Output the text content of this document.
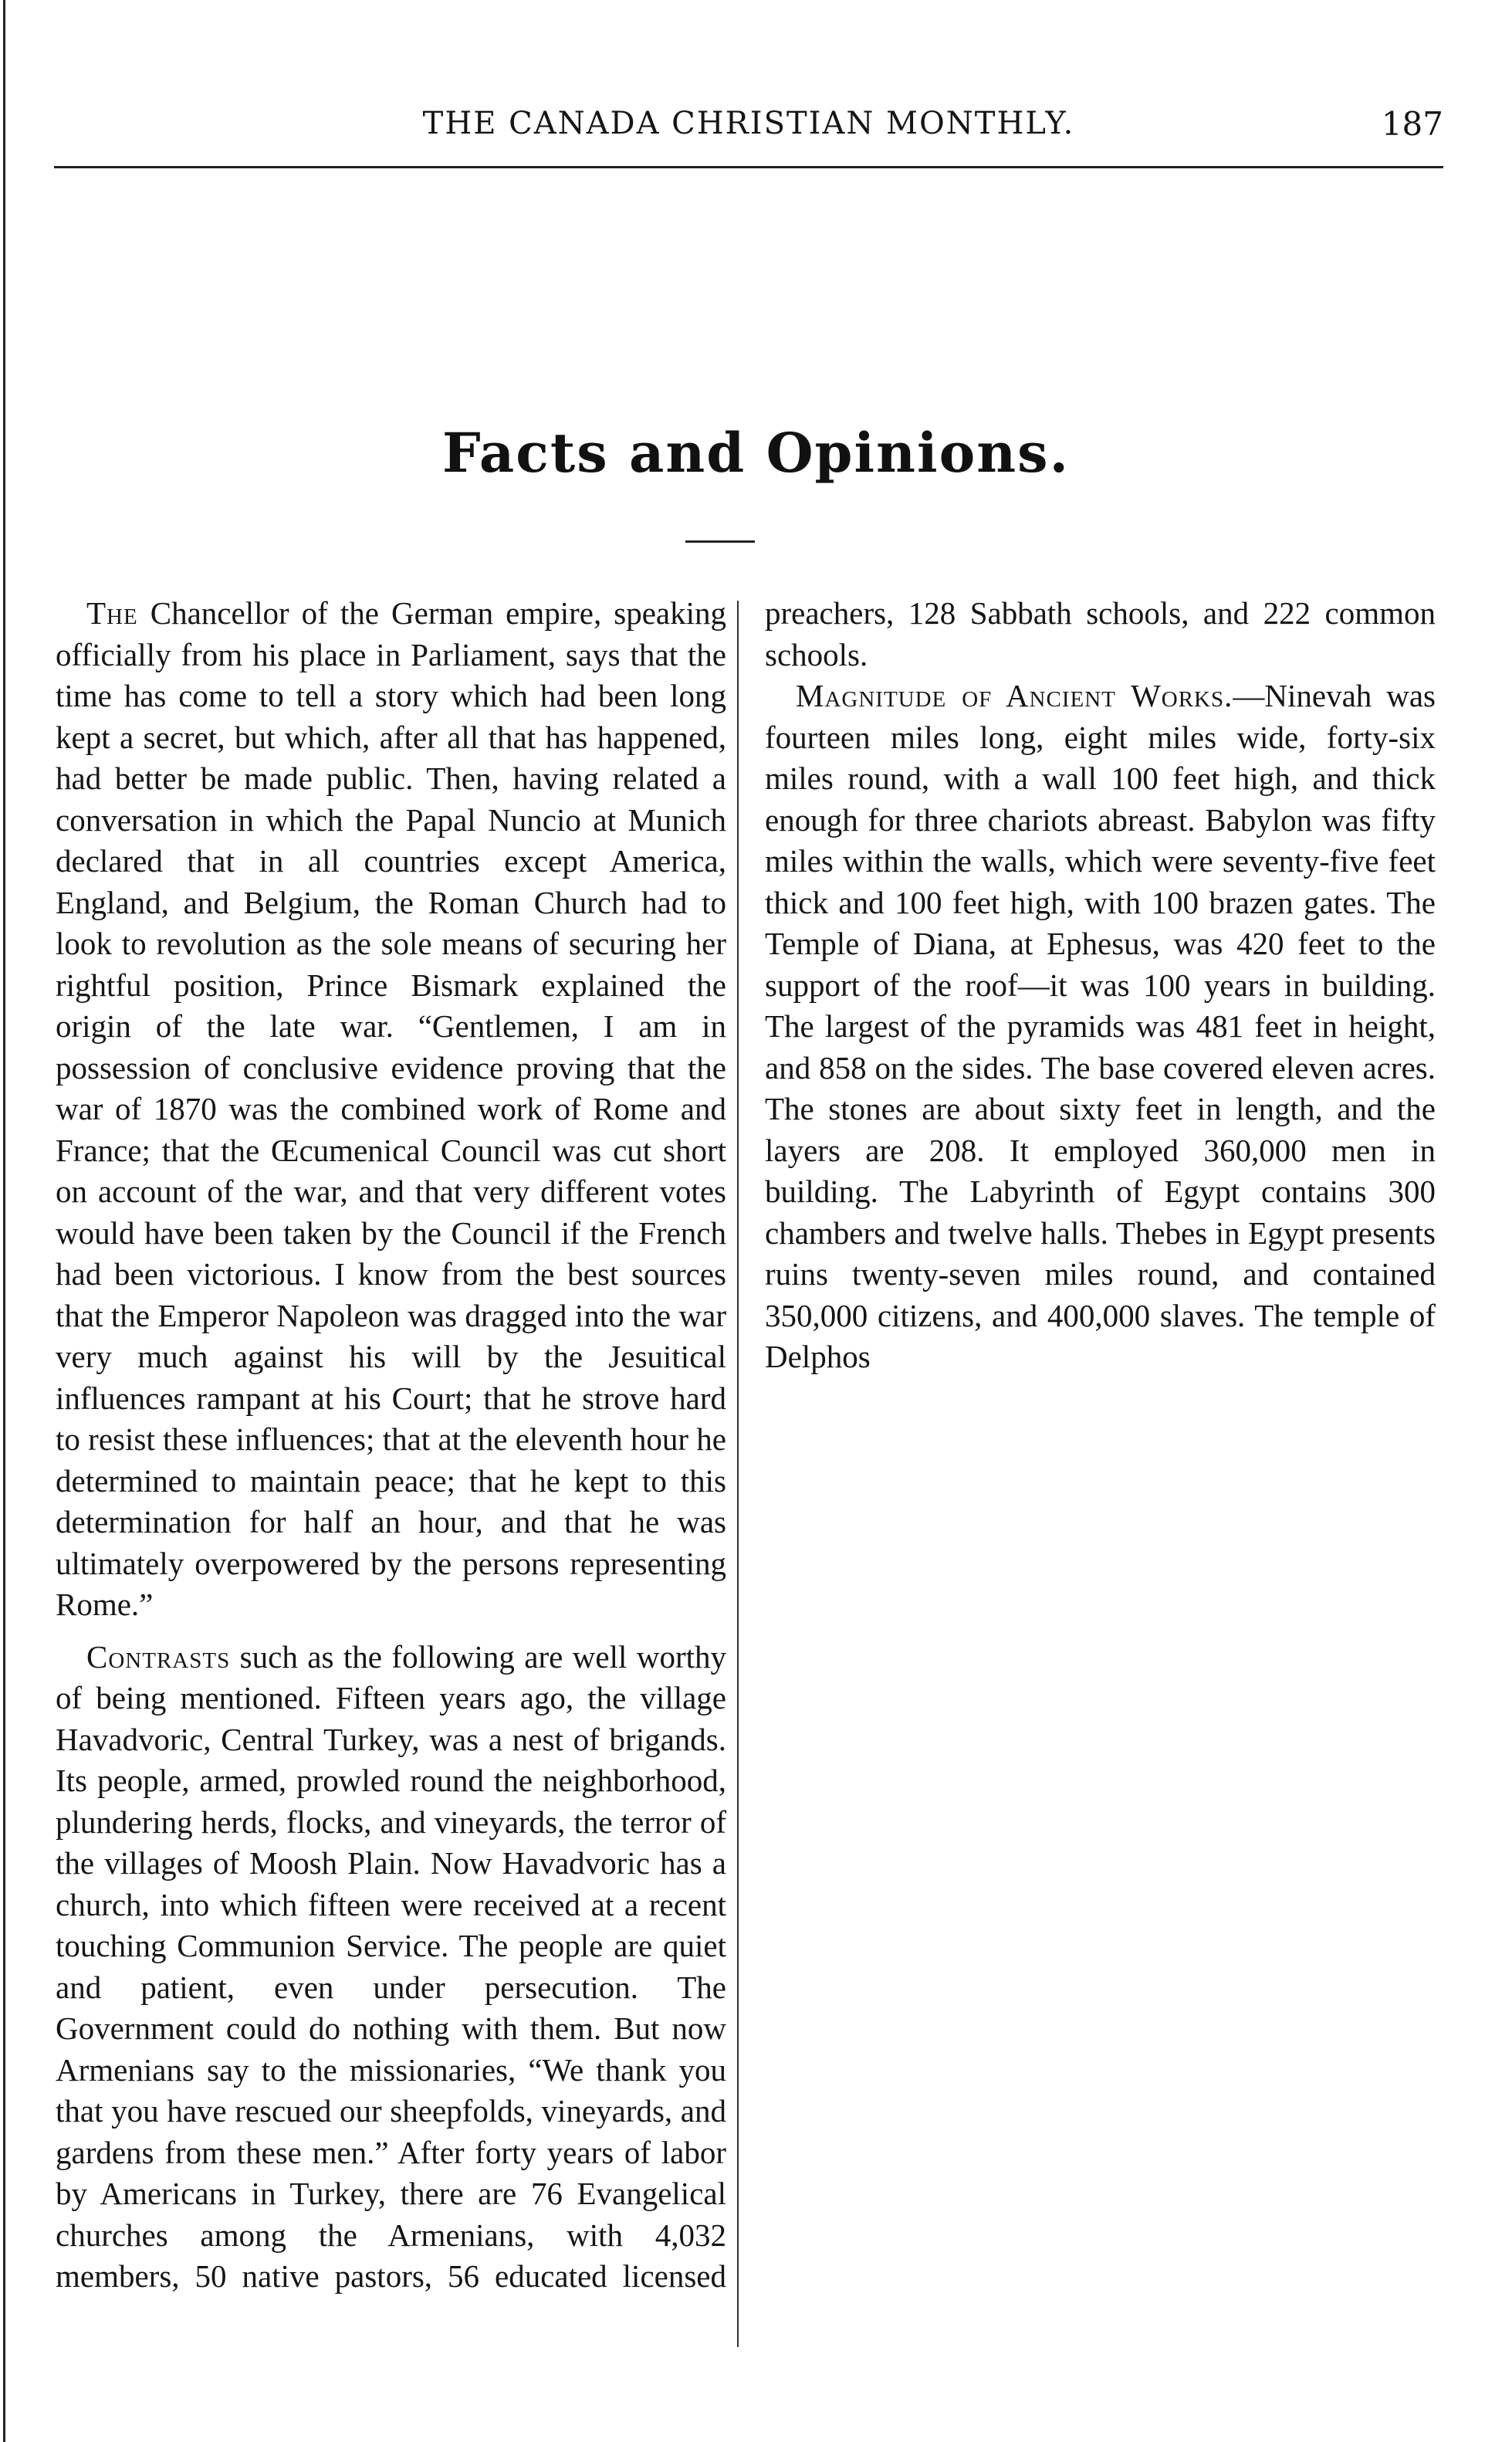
THE CANADA CHRISTIAN MONTHLY.	187
Facts and Opinions.

The Chancellor of the German empire, speaking officially from his place in Parliament, says that the time has come to tell a story which had been long kept a secret, but which, after all that has happened, had better be made public. Then, having related a conversation in which the Papal Nuncio at Munich declared that in all countries except America, England, and Belgium, the Roman Church had to look to revolution as the sole means of securing her rightful position, Prince Bismark explained the origin of the late war. “Gentlemen, I am in possession of conclusive evidence proving that the war of 1870 was the combined work of Rome and France; that the Œcumenical Council was cut short on account of the war, and that very different votes would have been taken by the Council if the French had been victorious. I know from the best sources that the Emperor Napoleon was dragged into the war very much against his will by the Jesuitical influences rampant at his Court; that he strove hard to resist these influences; that at the eleventh hour he determined to maintain peace; that he kept to this determination for half an hour, and that he was ultimately overpowered by the persons representing Rome.”

Contrasts such as the following are well worthy of being mentioned. Fifteen years ago, the village Havadvoric, Central Turkey, was a nest of brigands. Its people, armed, prowled round the neighborhood, plundering herds, flocks, and vineyards, the terror of the villages of Moosh Plain. Now Havadvoric has a church, into which fifteen were received at a recent touching Communion Service. The people are quiet and patient, even under persecution. The Government could do nothing with them. But now Armenians say to the missionaries, “We thank you that you have rescued our sheepfolds, vineyards, and gardens from these men.” After forty years of labor by Americans in Turkey, there are 76 Evangelical churches among the Armenians, with 4,032 members, 50 native pastors, 56 educated licensed preachers, 128 Sabbath schools, and 222 common schools.

Magnitude of Ancient Works.—Ninevah was fourteen miles long, eight miles wide, forty-six miles round, with a wall 100 feet high, and thick enough for three chariots abreast. Babylon was fifty miles within the walls, which were seventy-five feet thick and 100 feet high, with 100 brazen gates. The Temple of Diana, at Ephesus, was 420 feet to the support of the roof—it was 100 years in building. The largest of the pyramids was 481 feet in height, and 858 on the sides. The base covered eleven acres. The stones are about sixty feet in length, and the layers are 208. It employed 360,000 men in building. The Labyrinth of Egypt contains 300 chambers and twelve halls. Thebes in Egypt presents ruins twenty-seven miles round, and contained 350,000 citizens, and 400,000 slaves. The temple of Delphos
